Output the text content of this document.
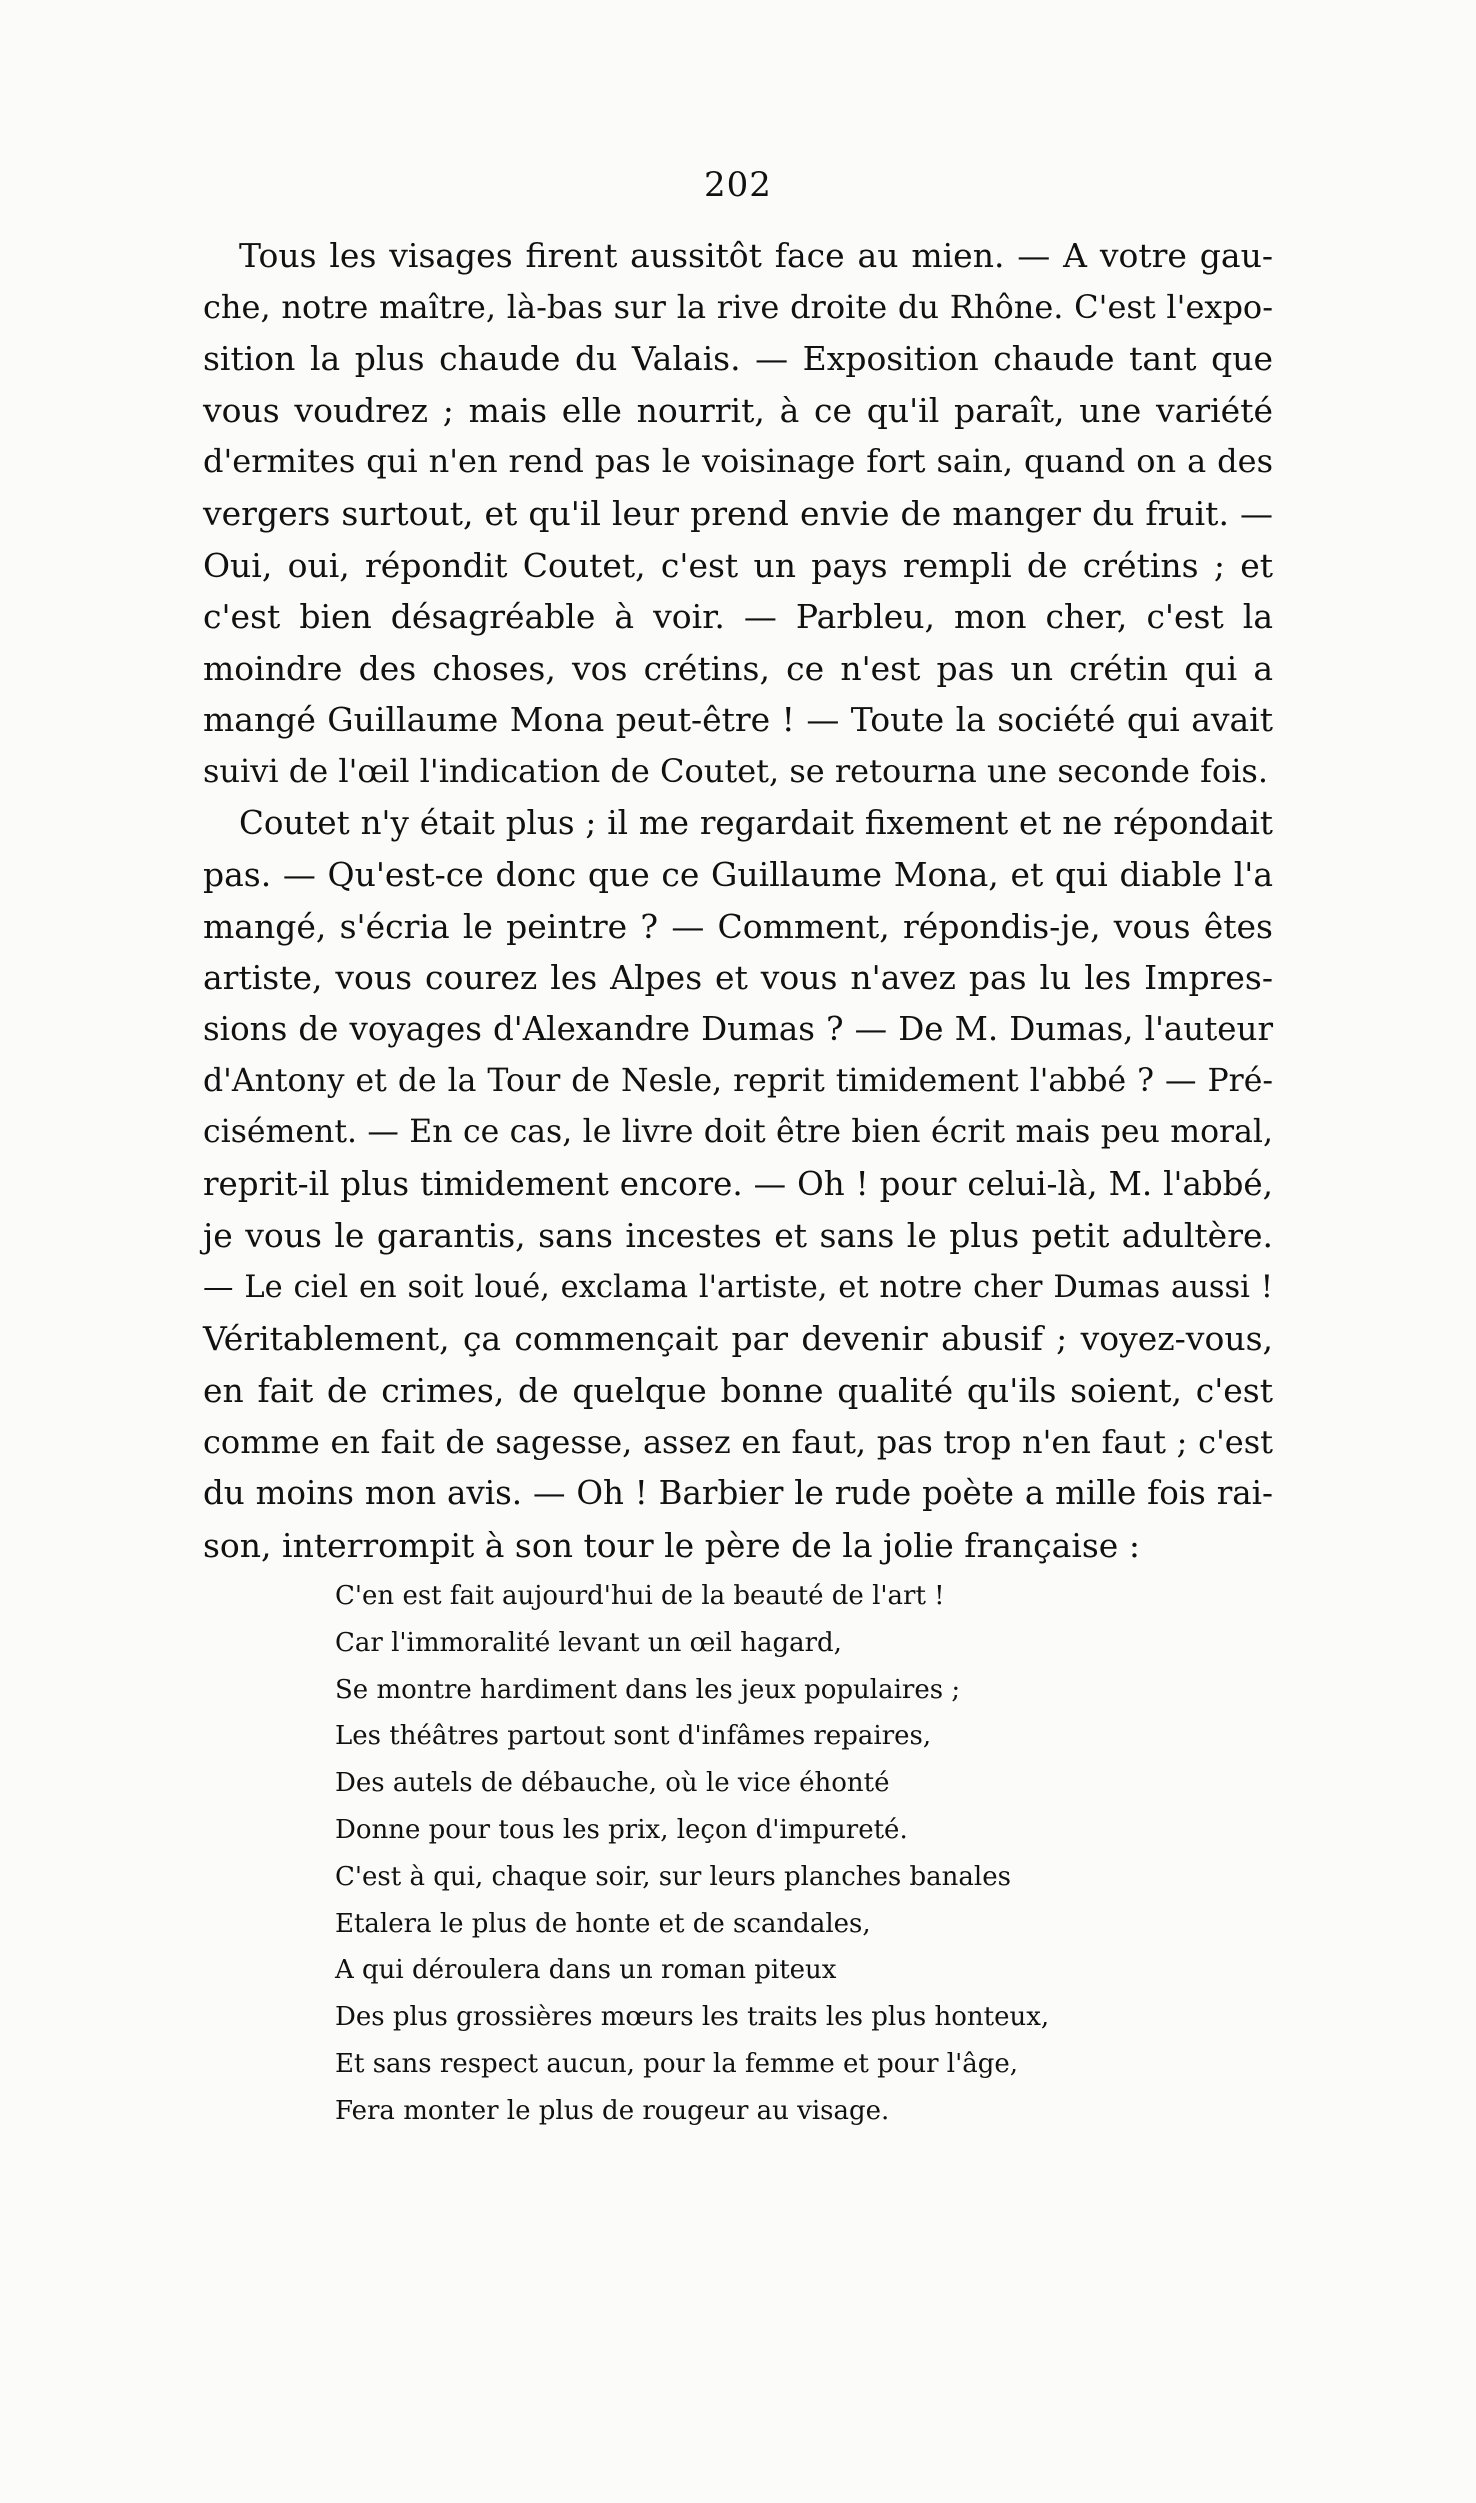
202
Tous les visages firent aussitôt face au mien. — A votre gau-
che, notre maître, là-bas sur la rive droite du Rhône. C'est l'expo-
sition la plus chaude du Valais. — Exposition chaude tant que
vous voudrez ; mais elle nourrit, à ce qu'il paraît, une variété
d'ermites qui n'en rend pas le voisinage fort sain, quand on a des
vergers surtout, et qu'il leur prend envie de manger du fruit. —
Oui, oui, répondit Coutet, c'est un pays rempli de crétins ; et
c'est bien désagréable à voir. — Parbleu, mon cher, c'est la
moindre des choses, vos crétins, ce n'est pas un crétin qui a
mangé Guillaume Mona peut-être ! — Toute la société qui avait
suivi de l'œil l'indication de Coutet, se retourna une seconde fois.
Coutet n'y était plus ; il me regardait fixement et ne répondait
pas. — Qu'est-ce donc que ce Guillaume Mona, et qui diable l'a
mangé, s'écria le peintre ? — Comment, répondis-je, vous êtes
artiste, vous courez les Alpes et vous n'avez pas lu les Impres-
sions de voyages d'Alexandre Dumas ? — De M. Dumas, l'auteur
d'Antony et de la Tour de Nesle, reprit timidement l'abbé ? — Pré-
cisément. — En ce cas, le livre doit être bien écrit mais peu moral,
reprit-il plus timidement encore. — Oh ! pour celui-là, M. l'abbé,
je vous le garantis, sans incestes et sans le plus petit adultère.
— Le ciel en soit loué, exclama l'artiste, et notre cher Dumas aussi !
Véritablement, ça commençait par devenir abusif ; voyez-vous,
en fait de crimes, de quelque bonne qualité qu'ils soient, c'est
comme en fait de sagesse, assez en faut, pas trop n'en faut ; c'est
du moins mon avis. — Oh ! Barbier le rude poète a mille fois rai-
son, interrompit à son tour le père de la jolie française :
C'en est fait aujourd'hui de la beauté de l'art !
Car l'immoralité levant un œil hagard,
Se montre hardiment dans les jeux populaires ;
Les théâtres partout sont d'infâmes repaires,
Des autels de débauche, où le vice éhonté
Donne pour tous les prix, leçon d'impureté.
C'est à qui, chaque soir, sur leurs planches banales
Etalera le plus de honte et de scandales,
A qui déroulera dans un roman piteux
Des plus grossières mœurs les traits les plus honteux,
Et sans respect aucun, pour la femme et pour l'âge,
Fera monter le plus de rougeur au visage.
